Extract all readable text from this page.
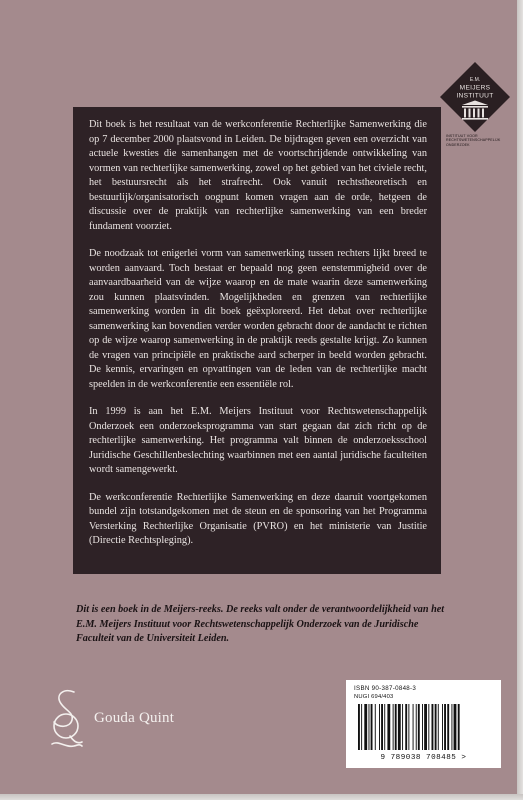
E.M.
MEIJERS
INSTITUUT
INSTITUUT VOOR RECHTSWETENSCHAPPELIJK ONDERZOEK

Dit boek is het resultaat van de werkconferentie Rechterlijke Samenwerking die op 7 december 2000 plaatsvond in Leiden. De bijdragen geven een overzicht van actuele kwesties die samenhangen met de voortschrijdende ontwikkeling van vormen van rechterlijke samenwerking, zowel op het gebied van het civiele recht, het bestuursrecht als het strafrecht. Ook vanuit rechtstheoretisch en bestuurlijk/organisatorisch oogpunt komen vragen aan de orde, hetgeen de discussie over de praktijk van rechterlijke samenwerking van een breder fundament voorziet.

De noodzaak tot enigerlei vorm van samenwerking tussen rechters lijkt breed te worden aanvaard. Toch bestaat er bepaald nog geen eenstemmigheid over de aanvaardbaarheid van de wijze waarop en de mate waarin deze samenwerking zou kunnen plaatsvinden. Mogelijkheden en grenzen van rechterlijke samenwerking worden in dit boek geëxploreerd. Het debat over rechterlijke samenwerking kan bovendien verder worden gebracht door de aandacht te richten op de wijze waarop samenwerking in de praktijk reeds gestalte krijgt. Zo kunnen de vragen van principiële en praktische aard scherper in beeld worden gebracht. De kennis, ervaringen en opvattingen van de leden van de rechterlijke macht speelden in de werkconferentie een essentiële rol.

In 1999 is aan het E.M. Meijers Instituut voor Rechtswetenschappelijk Onderzoek een onderzoeksprogramma van start gegaan dat zich richt op de rechterlijke samenwerking. Het programma valt binnen de onderzoeksschool Juridische Geschillenbeslechting waarbinnen met een aantal juridische faculteiten wordt samengewerkt.

De werkconferentie Rechterlijke Samenwerking en deze daaruit voortgekomen bundel zijn totstandgekomen met de steun en de sponsoring van het Programma Versterking Rechterlijke Organisatie (PVRO) en het ministerie van Justitie (Directie Rechtspleging).

Dit is een boek in de Meijers-reeks. De reeks valt onder de verantwoordelijkheid van het E.M. Meijers Instituut voor Rechtswetenschappelijk Onderzoek van de Juridische Faculteit van de Universiteit Leiden.
Gouda Quint
ISBN 90-387-0848-3
NUGI 694/403
9 789038 708485 >
